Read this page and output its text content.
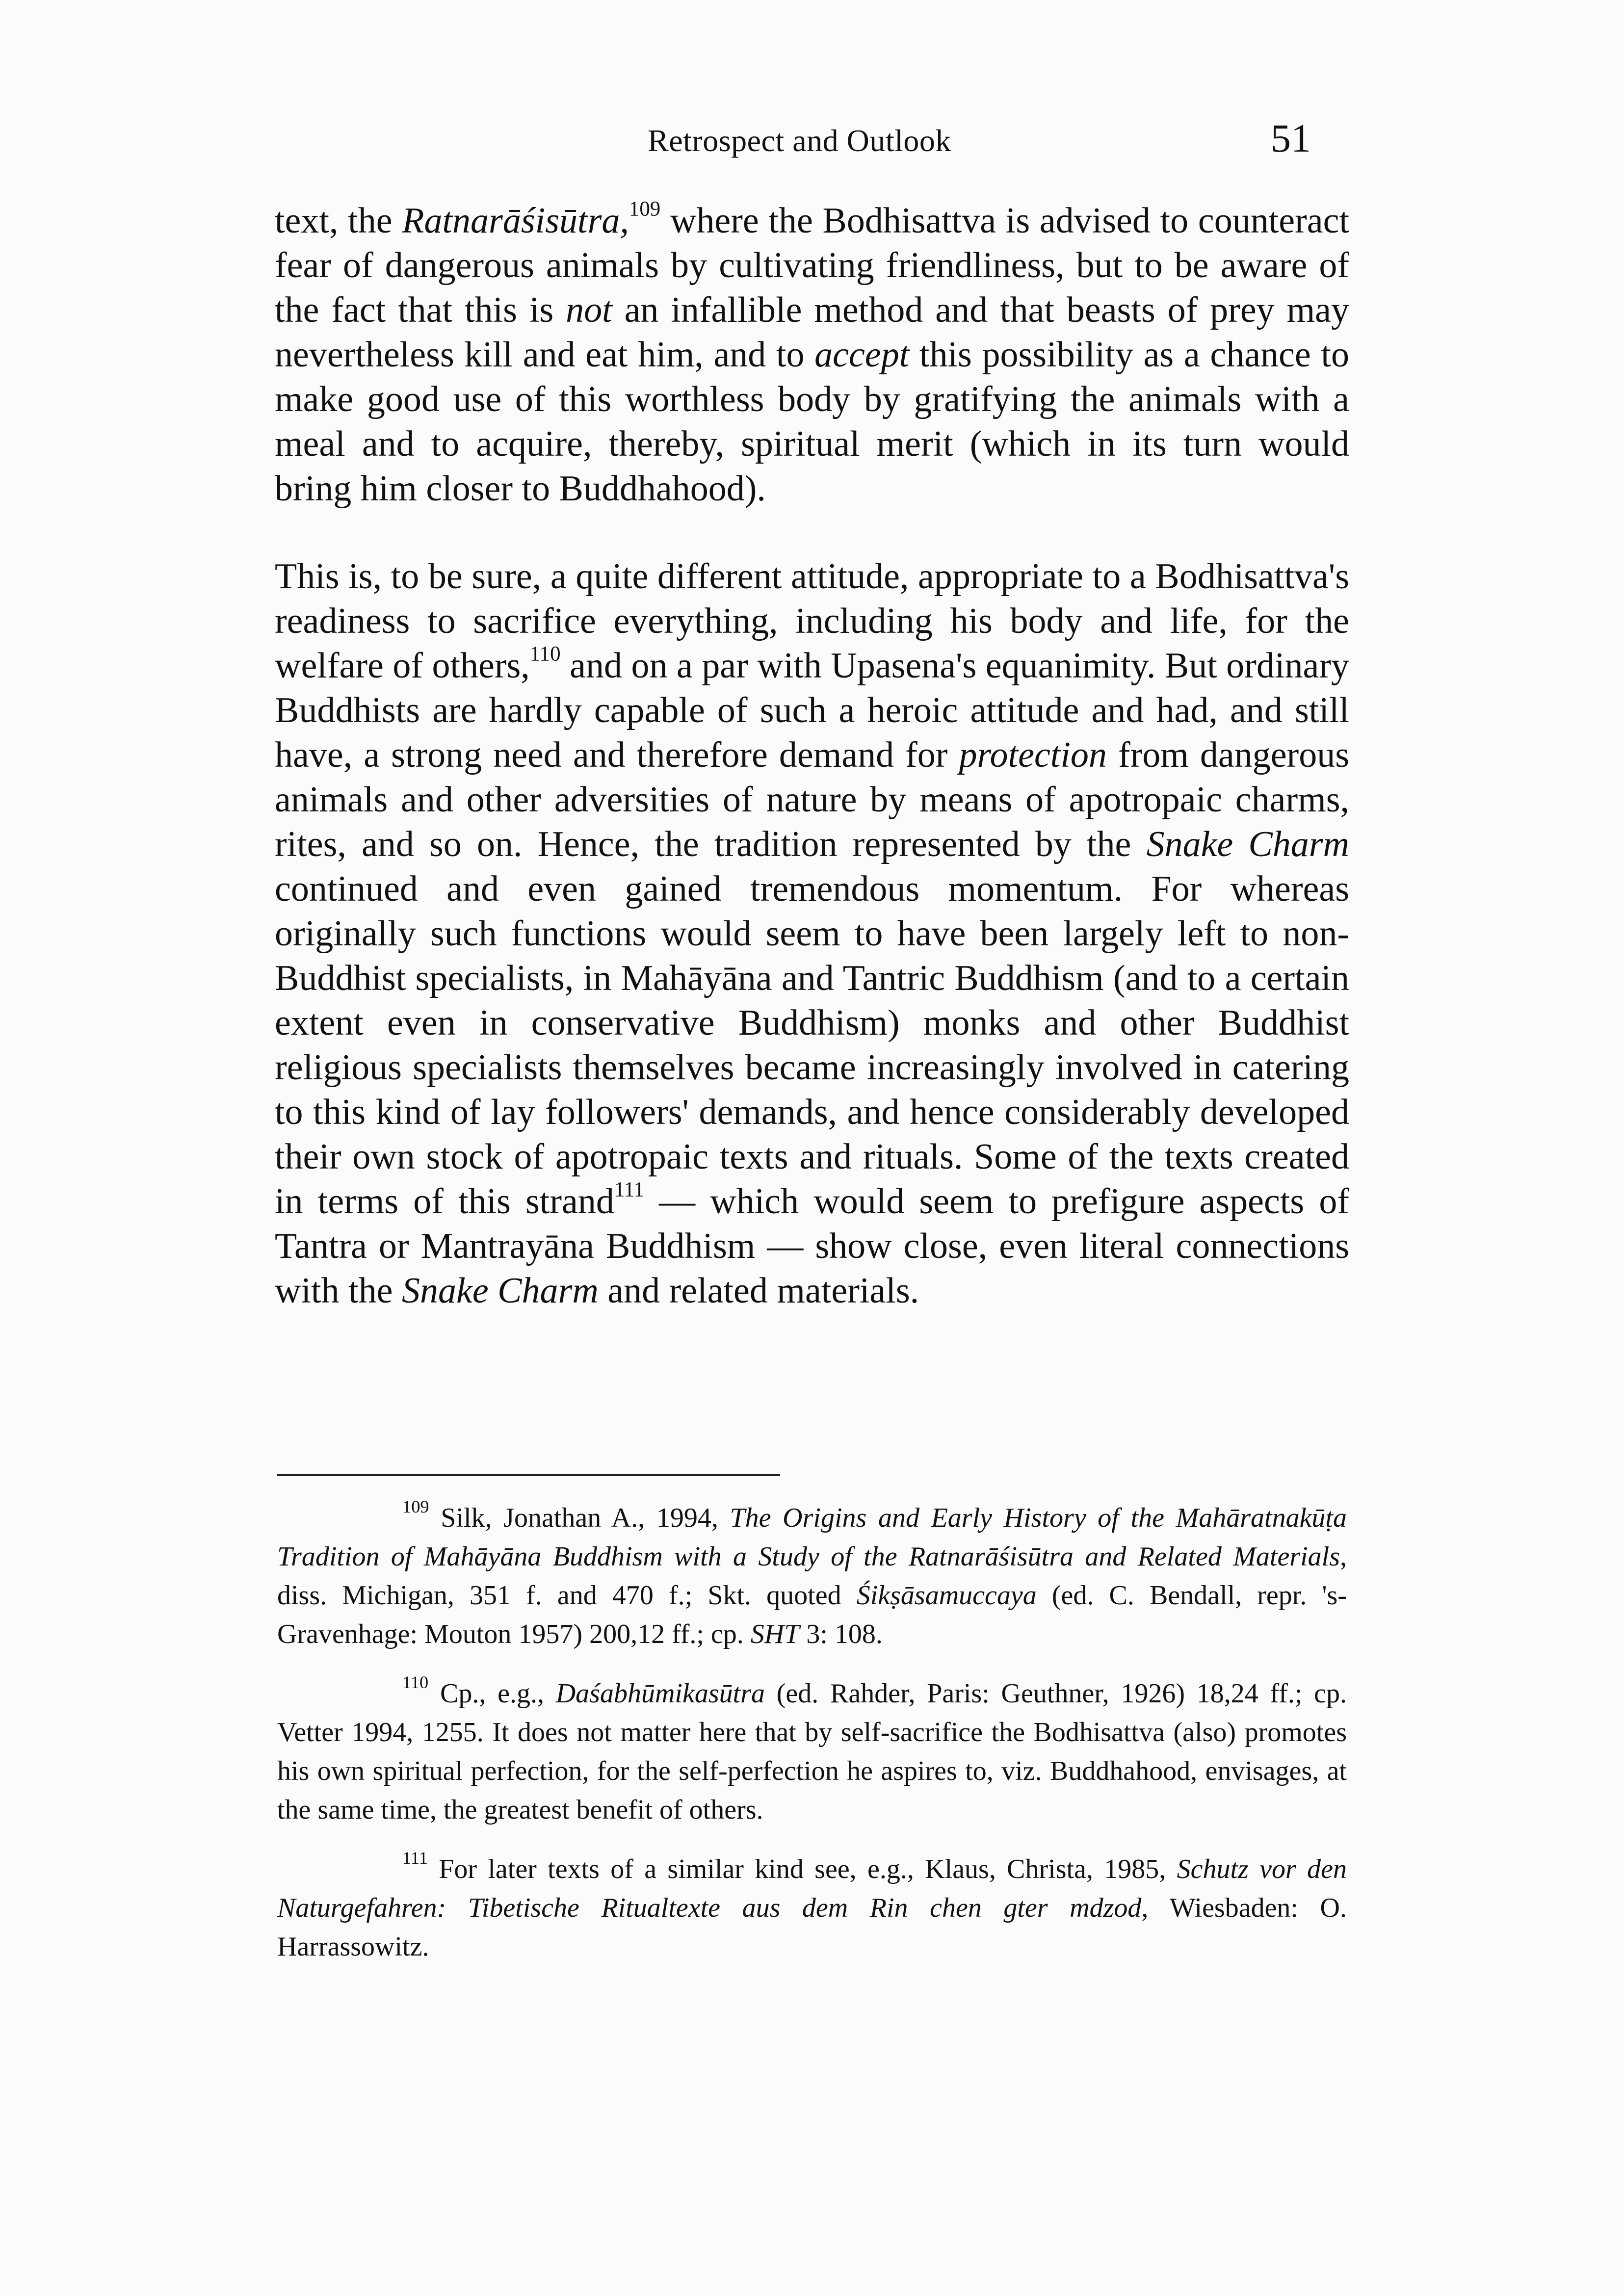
Retrospect and Outlook	51

text, the Ratnarāśisūtra,$^{109}$ where the Bodhisattva is advised to counteract fear of dangerous animals by cultivating friendliness, but to be aware of the fact that this is not an infallible method and that beasts of prey may nevertheless kill and eat him, and to accept this possibility as a chance to make good use of this worthless body by gratifying the animals with a meal and to acquire, thereby, spiritual merit (which in its turn would bring him closer to Buddhahood).

This is, to be sure, a quite different attitude, appropriate to a Bodhisattva's readiness to sacrifice everything, including his body and life, for the welfare of others,$^{110}$ and on a par with Upasena's equanimity. But ordinary Buddhists are hardly capable of such a heroic attitude and had, and still have, a strong need and therefore demand for protection from dangerous animals and other adversities of nature by means of apotropaic charms, rites, and so on. Hence, the tradition represented by the Snake Charm continued and even gained tremendous momentum. For whereas originally such functions would seem to have been largely left to non-Buddhist specialists, in Mahāyāna and Tantric Buddhism (and to a certain extent even in conservative Buddhism) monks and other Buddhist religious specialists themselves became increasingly involved in catering to this kind of lay followers' demands, and hence considerably developed their own stock of apotropaic texts and rituals. Some of the texts created in terms of this strand$^{111}$ — which would seem to prefigure aspects of Tantra or Mantrayāna Buddhism — show close, even literal connections with the Snake Charm and related materials.

$^{109}$ Silk, Jonathan A., 1994, The Origins and Early History of the Mahāratnakūṭa Tradition of Mahāyāna Buddhism with a Study of the Ratnarāśisūtra and Related Materials, diss. Michigan, 351 f. and 470 f.; Skt. quoted Śikṣāsamuccaya (ed. C. Bendall, repr. 's-Gravenhage: Mouton 1957) 200,12 ff.; cp. SHT 3: 108.

$^{110}$ Cp., e.g., Daśabhūmikasūtra (ed. Rahder, Paris: Geuthner, 1926) 18,24 ff.; cp. Vetter 1994, 1255. It does not matter here that by self-sacrifice the Bodhisattva (also) promotes his own spiritual perfection, for the self-perfection he aspires to, viz. Buddhahood, envisages, at the same time, the greatest benefit of others.

$^{111}$ For later texts of a similar kind see, e.g., Klaus, Christa, 1985, Schutz vor den Naturgefahren: Tibetische Ritualtexte aus dem Rin chen gter mdzod, Wiesbaden: O. Harrassowitz.
